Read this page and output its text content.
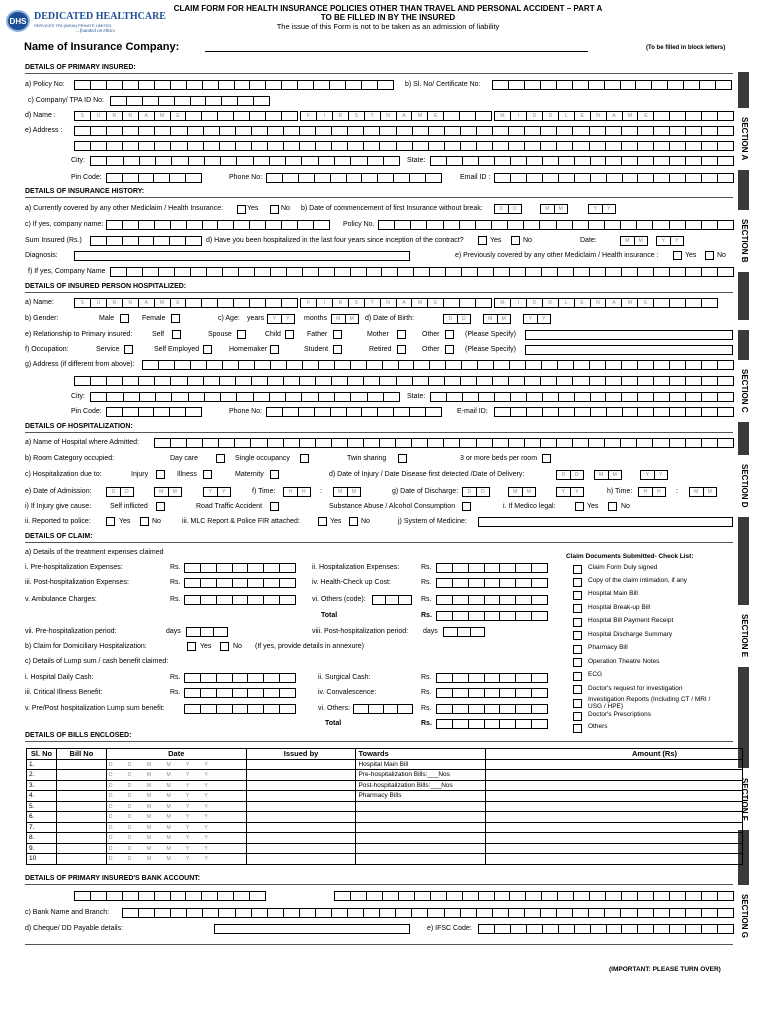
DHS DEDICATED HEALTHCARE
SERVICES TPA (INDIA) PRIVATE LIMITED
...founded on ethics
CLAIM FORM FOR HEALTH INSURANCE POLICIES OTHER THAN TRAVEL AND PERSONAL ACCIDENT – PART A
TO BE FILLED IN BY THE INSURED
The issue of this Form is not to be taken as an admission of liability
Name of Insurance Company:	(To be filled in block letters)
SECTION A
SECTION B
SECTION C
SECTION D
SECTION E
SECTION F
SECTION G
DETAILS OF PRIMARY INSURED:
a) Policy No:	b) Sl. No/ Certificate No:
c) Company/ TPA ID No:
d) Name :	S	U	R	N	A	M	E	F	I	R	S	T	N	A	M	E	M	I	D	D	L	E	N	A	M	E
e) Address :
City:	State:
Pin Code:	Phone No:	Email ID :
DETAILS OF INSURANCE HISTORY:
a) Currently covered by any other Mediclaim / Health Insurance:	Yes	No b) Date of commencement of first Insurance without break:	D	D	M	M	Y	Y
c) If yes, company name:	Policy No.
Sum Insured (Rs.)	d) Have you been hospitalized in the last four years since inception of the contract?	Yes	No	Date:	M	M	Y	Y
Diagnosis:	e) Previously covered by any other Mediclaim / Health insurance :	Yes	No
f) If yes, Company Name
DETAILS OF INSURED PERSON HOSPITALIZED:
a) Name:	S	U	R	N	A	M	E	F	I	R	S	T	N	A	M	E	M	I	D	D	L	E	N	A	M	E
b) Gender:	Male	Female	c) Age: years	Y	Y	months	M	M	d) Date of Birth:	D	D	M	M	Y	Y
e) Relationship to Primary insured:	Self	Spouse	Child	Father	Mother	Other	(Please Specify)
f) Occupation:	Service	Self Employed	Homemaker	Student	Retired	Other	(Please Specify)
g) Address (if different from above):
City:	State:
Pin Code:	Phone No:	E-mail ID:
DETAILS OF HOSPITALIZATION:
a) Name of Hospital where Admitted:
b) Room Category occupied:	Day care	Single occupancy	Twin sharing	3 or more beds per room
c) Hospitalization due to:	Injury	Illness	Maternity	d) Date of Injury / Date Disease first detected /Date of Delivery:	D	D	M	M	Y	Y
e) Date of Admission:	D	D	M	M	Y	Y	f) Time:	H	H	:	M	M	g) Date of Discharge:	D	D	M	M	Y	Y	h) Time:	H	H	:	M	M
i) If Injury give cause:	Self inflicted	Road Traffic Accident	Substance Abuse / Alcohol Consumption	i. If Medico legal:	Yes	No
ii. Reported to police:	Yes	No	iii. MLC Report & Police FIR attached:	Yes	No	j) System of Medicine:
DETAILS OF CLAIM:
a) Details of the treatment expenses claimed
i. Pre-hospitalization Expenses:	Rs.	ii. Hospitalization Expenses:	Rs.
iii. Post-hospitalization Expenses:	Rs.	iv. Health-Check up Cost:	Rs.
v. Ambulance Charges:	Rs.	vi. Others (code):	Rs.
Total	Rs.
vii. Pre-hospitalization period:	days	viii. Post-hospitalization period: days
b) Claim for Domiciliary Hospitalization:	Yes	No (If yes, provide details in annexure)
c) Details of Lump sum / cash benefit claimed:
i. Hospital Daily Cash:	Rs.	ii. Surgical Cash:	Rs.
iii. Critical Illness Benefit:	Rs.	iv. Convalescence:	Rs.
v. Pre/Post hospitalization Lump sum benefit:	vi. Others:	Rs.
Total	Rs.
Claim Documents Submitted- Check List:
Claim Form Duly signed
Copy of the claim intimation, if any
Hospital Main Bill
Hospital Break-up Bill
Hospital Bill Payment Receipt
Hospital Discharge Summary
Pharmacy Bill
Operation Theatre Notes
ECG
Doctor's request for investigation
Investigation Reports (Including CT / MRI / USG / HPE)
Doctor's Prescriptions
Others
DETAILS OF BILLS ENCLOSED:
Sl. No	Bill No	Date	Issued by	Towards	Amount (Rs)
1.		D D M M Y Y		Hospital Main Bill	
2.		D D M M Y Y		Pre-hospitalization Bills:___Nos	
3.		D D M M Y Y		Post-hospitalization Bills:___Nos	
4.		D D M M Y Y		Pharmacy Bills	
5.		D D M M Y Y			
6.		D D M M Y Y			
7.		D D M M Y Y			
8.		D D M M Y Y			
9.		D D M M Y Y			
10		D D M M Y Y			
DETAILS OF PRIMARY INSURED'S BANK ACCOUNT:
c) Bank Name and Branch:
d) Cheque/ DD Payable details:	e) IFSC Code:
(IMPORTANT: PLEASE TURN OVER)
